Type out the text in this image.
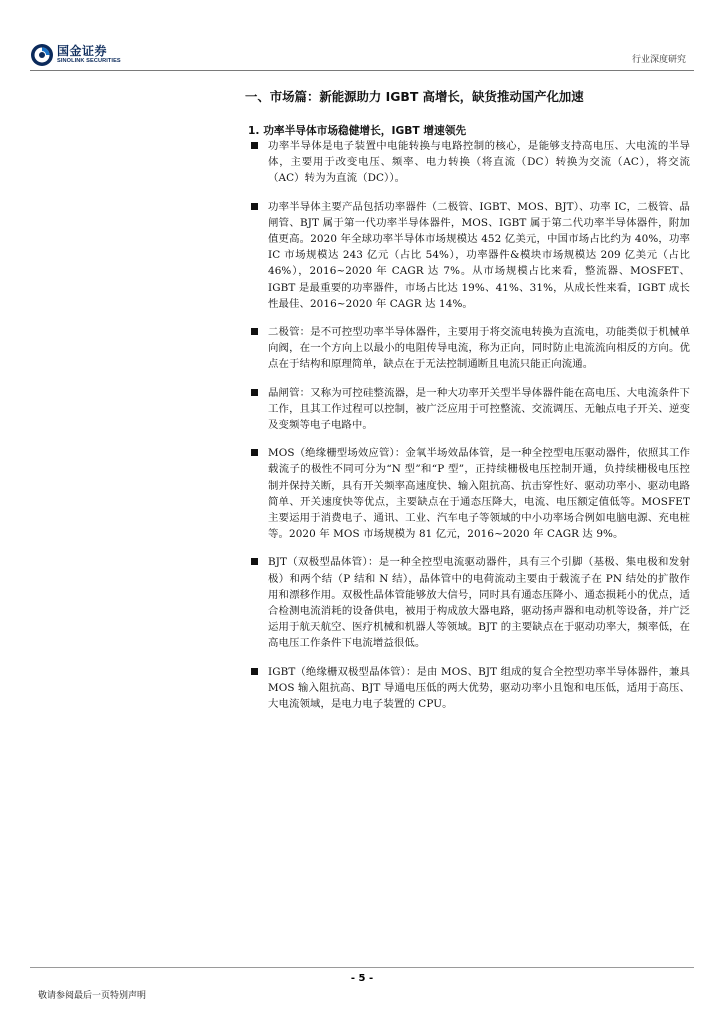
国金证券
SINOLINK SECURITIES	行业深度研究
一、市场篇：新能源助力 IGBT 高增长，缺货推动国产化加速
1. 功率半导体市场稳健增长，IGBT 增速领先
功率半导体是电子装置中电能转换与电路控制的核心，是能够支持高电压、大电流的半导体，主要用于改变电压、频率、电力转换（将直流（DC）转换为交流（AC），将交流（AC）转为为直流（DC））。
功率半导体主要产品包括功率器件（二极管、IGBT、MOS、BJT）、功率 IC，二极管、晶闸管、BJT 属于第一代功率半导体器件，MOS、IGBT 属于第二代功率半导体器件，附加值更高。2020 年全球功率半导体市场规模达 452 亿美元，中国市场占比约为 40%，功率 IC 市场规模达 243 亿元（占比 54%），功率器件&模块市场规模达 209 亿美元（占比 46%），2016~2020 年 CAGR 达 7%。从市场规模占比来看，整流器、MOSFET、IGBT 是最重要的功率器件，市场占比达 19%、41%、31%，从成长性来看，IGBT 成长性最佳、2016~2020 年 CAGR 达 14%。
二极管：是不可控型功率半导体器件，主要用于将交流电转换为直流电，功能类似于机械单向阀，在一个方向上以最小的电阻传导电流，称为正向，同时防止电流流向相反的方向。优点在于结构和原理简单，缺点在于无法控制通断且电流只能正向流通。
晶闸管：又称为可控硅整流器，是一种大功率开关型半导体器件能在高电压、大电流条件下工作，且其工作过程可以控制，被广泛应用于可控整流、交流调压、无触点电子开关、逆变及变频等电子电路中。
MOS（绝缘栅型场效应管）：金氧半场效晶体管，是一种全控型电压驱动器件，依照其工作载流子的极性不同可分为“N 型”和“P 型”，正持续栅极电压控制开通，负持续栅极电压控制并保持关断，具有开关频率高速度快、输入阻抗高、抗击穿性好、驱动功率小、驱动电路简单、开关速度快等优点，主要缺点在于通态压降大，电流、电压额定值低等。MOSFET 主要运用于消费电子、通讯、工业、汽车电子等领域的中小功率场合例如电脑电源、充电桩等。2020 年 MOS 市场规模为 81 亿元，2016~2020 年 CAGR 达 9%。
BJT（双极型晶体管）：是一种全控型电流驱动器件，具有三个引脚（基极、集电极和发射极）和两个结（P 结和 N 结），晶体管中的电荷流动主要由于载流子在 PN 结处的扩散作用和漂移作用。双极性晶体管能够放大信号，同时具有通态压降小、通态损耗小的优点，适合检测电流消耗的设备供电，被用于构成放大器电路，驱动扬声器和电动机等设备，并广泛运用于航天航空、医疗机械和机器人等领域。BJT 的主要缺点在于驱动功率大，频率低，在高电压工作条件下电流增益很低。
IGBT（绝缘栅双极型晶体管）：是由 MOS、BJT 组成的复合全控型功率半导体器件，兼具 MOS 输入阻抗高、BJT 导通电压低的两大优势，驱动功率小且饱和电压低，适用于高压、大电流领域，是电力电子装置的 CPU。
- 5 -
敬请参阅最后一页特别声明
